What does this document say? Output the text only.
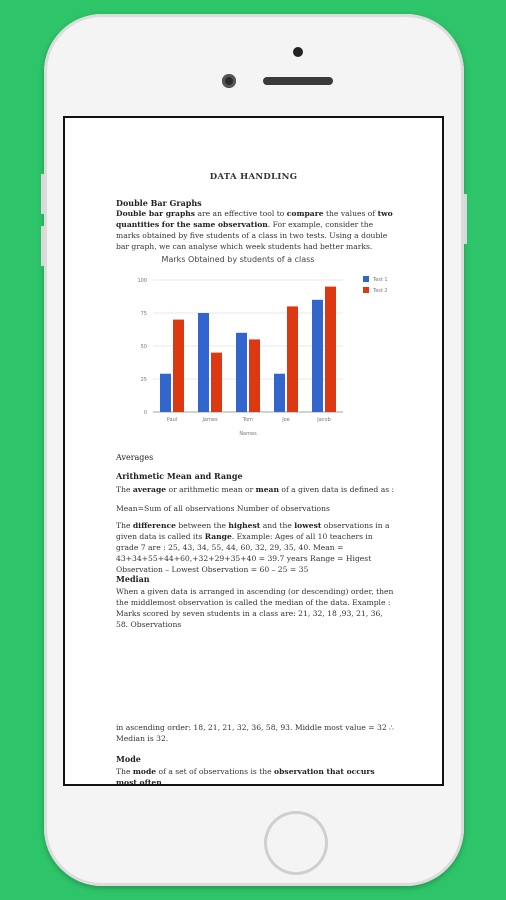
DATA HANDLING
Double Bar Graphs
Double bar graphs are an effective tool to compare the values of two quantities for the same observation. For example, consider the marks obtained by five students of a class in two tests. Using a double bar graph, we can analyse which week students had better marks.
Marks Obtained by students of a class
0
25
50
75
100
Paul	James	Tom	Joe	Jacob
Names
Test 1
Test 2
Averages
Arithmetic Mean and Range
The average or arithmetic mean or mean of a given data is defined as :
Mean=Sum of all observations Number of observations
The difference between the highest and the lowest observations in a given data is called its Range. Example: Ages of all 10 teachers in grade 7 are : 25, 43, 34, 55, 44, 60, 32, 29, 35, 40. Mean = 43+34+55+44+60,+32+29+35+40 = 39.7 years Range = Higest Observation – Lowest Observation = 60 – 25 = 35
Median
When a given data is arranged in ascending (or descending) order, then the middlemost observation is called the median of the data. Example : Marks scored by seven students in a class are: 21, 32, 18 ,93, 21, 36, 58. Observations
in ascending order: 18, 21, 21, 32, 36, 58, 93. Middle most value = 32 ∴ Median is 32.
Mode
The mode of a set of observations is the observation that occurs most often.
